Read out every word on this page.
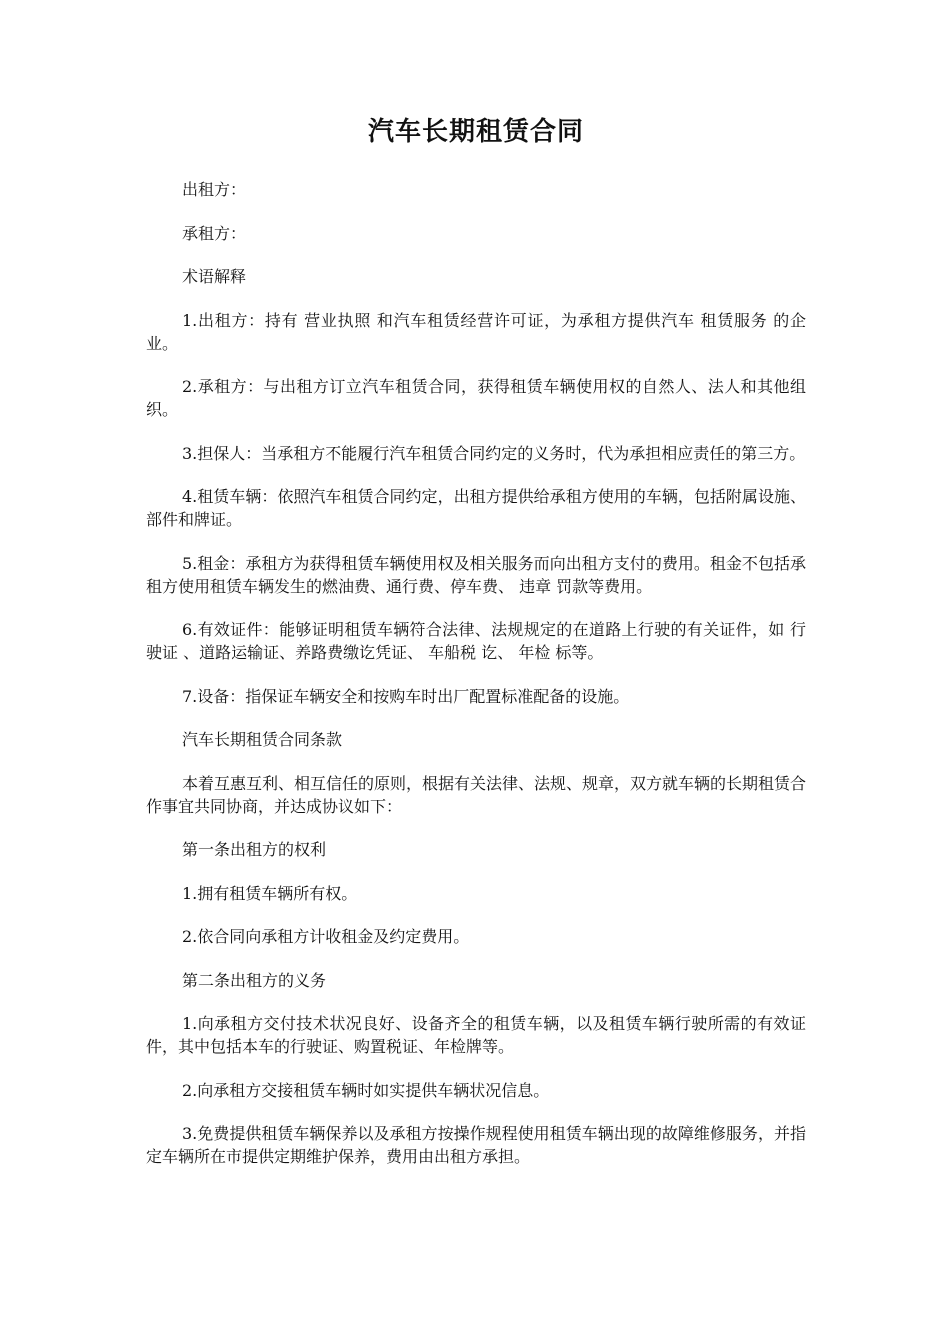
汽车长期租赁合同

出租方：

承租方：

术语解释

1.出租方：持有 营业执照 和汽车租赁经营许可证，为承租方提供汽车 租赁服务 的企业。

2.承租方：与出租方订立汽车租赁合同，获得租赁车辆使用权的自然人、法人和其他组织。

3.担保人：当承租方不能履行汽车租赁合同约定的义务时，代为承担相应责任的第三方。

4.租赁车辆：依照汽车租赁合同约定，出租方提供给承租方使用的车辆，包括附属设施、部件和牌证。

5.租金：承租方为获得租赁车辆使用权及相关服务而向出租方支付的费用。租金不包括承租方使用租赁车辆发生的燃油费、通行费、停车费、 违章 罚款等费用。

6.有效证件：能够证明租赁车辆符合法律、法规规定的在道路上行驶的有关证件，如 行驶证 、道路运输证、养路费缴讫凭证、 车船税 讫、 年检 标等。

7.设备：指保证车辆安全和按购车时出厂配置标准配备的设施。

汽车长期租赁合同条款

本着互惠互利、相互信任的原则，根据有关法律、法规、规章，双方就车辆的长期租赁合作事宜共同协商，并达成协议如下：

第一条出租方的权利

1.拥有租赁车辆所有权。

2.依合同向承租方计收租金及约定费用。

第二条出租方的义务

1.向承租方交付技术状况良好、设备齐全的租赁车辆，以及租赁车辆行驶所需的有效证件，其中包括本车的行驶证、购置税证、年检牌等。

2.向承租方交接租赁车辆时如实提供车辆状况信息。

3.免费提供租赁车辆保养以及承租方按操作规程使用租赁车辆出现的故障维修服务，并指定车辆所在市提供定期维护保养，费用由出租方承担。
